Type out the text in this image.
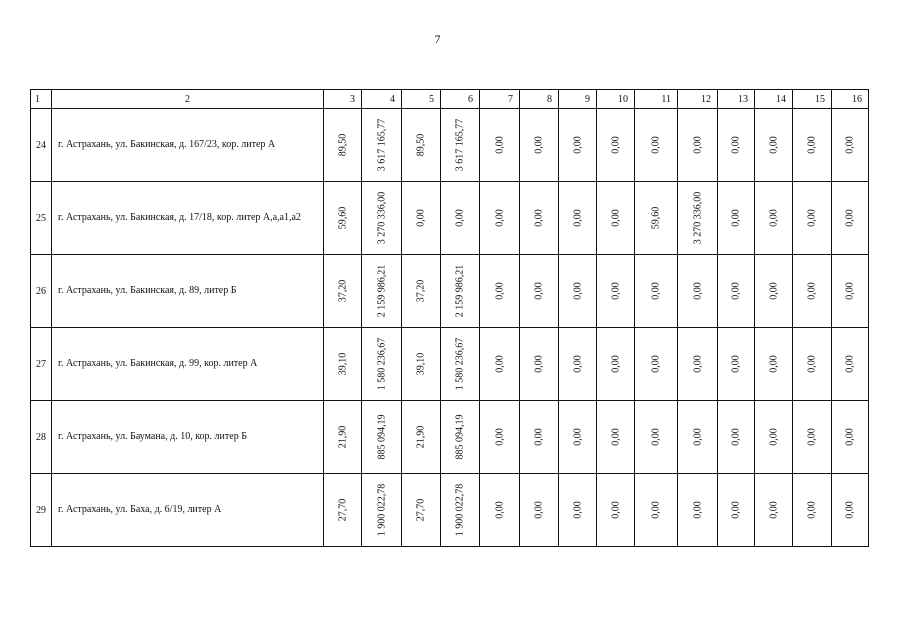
7
1	2	3	4	5	6	7	8	9	10	11	12	13	14	15	16
24	г. Астрахань, ул. Бакинская, д. 167/23, кор. литер А	89,50	3 617 165,77	89,50	3 617 165,77	0,00	0,00	0,00	0,00	0,00	0,00	0,00	0,00	0,00	0,00

25	г. Астрахань, ул. Бакинская, д. 17/18, кор. литер А,а,а1,а2	59,60	3 270 336,00	0,00	0,00	0,00	0,00	0,00	0,00	59,60	3 270 336,00	0,00	0,00	0,00	0,00

26	г. Астрахань, ул. Бакинская, д. 89, литер Б	37,20	2 159 986,21	37,20	2 159 986,21	0,00	0,00	0,00	0,00	0,00	0,00	0,00	0,00	0,00	0,00

27	г. Астрахань, ул. Бакинская, д. 99, кор. литер А	39,10	1 580 236,67	39,10	1 580 236,67	0,00	0,00	0,00	0,00	0,00	0,00	0,00	0,00	0,00	0,00

28	г. Астрахань, ул. Баумана, д. 10, кор. литер Б	21,90	885 094,19	21,90	885 094,19	0,00	0,00	0,00	0,00	0,00	0,00	0,00	0,00	0,00	0,00

29	г. Астрахань, ул. Баха, д. 6/19, литер А	27,70	1 900 022,78	27,70	1 900 022,78	0,00	0,00	0,00	0,00	0,00	0,00	0,00	0,00	0,00	0,00
